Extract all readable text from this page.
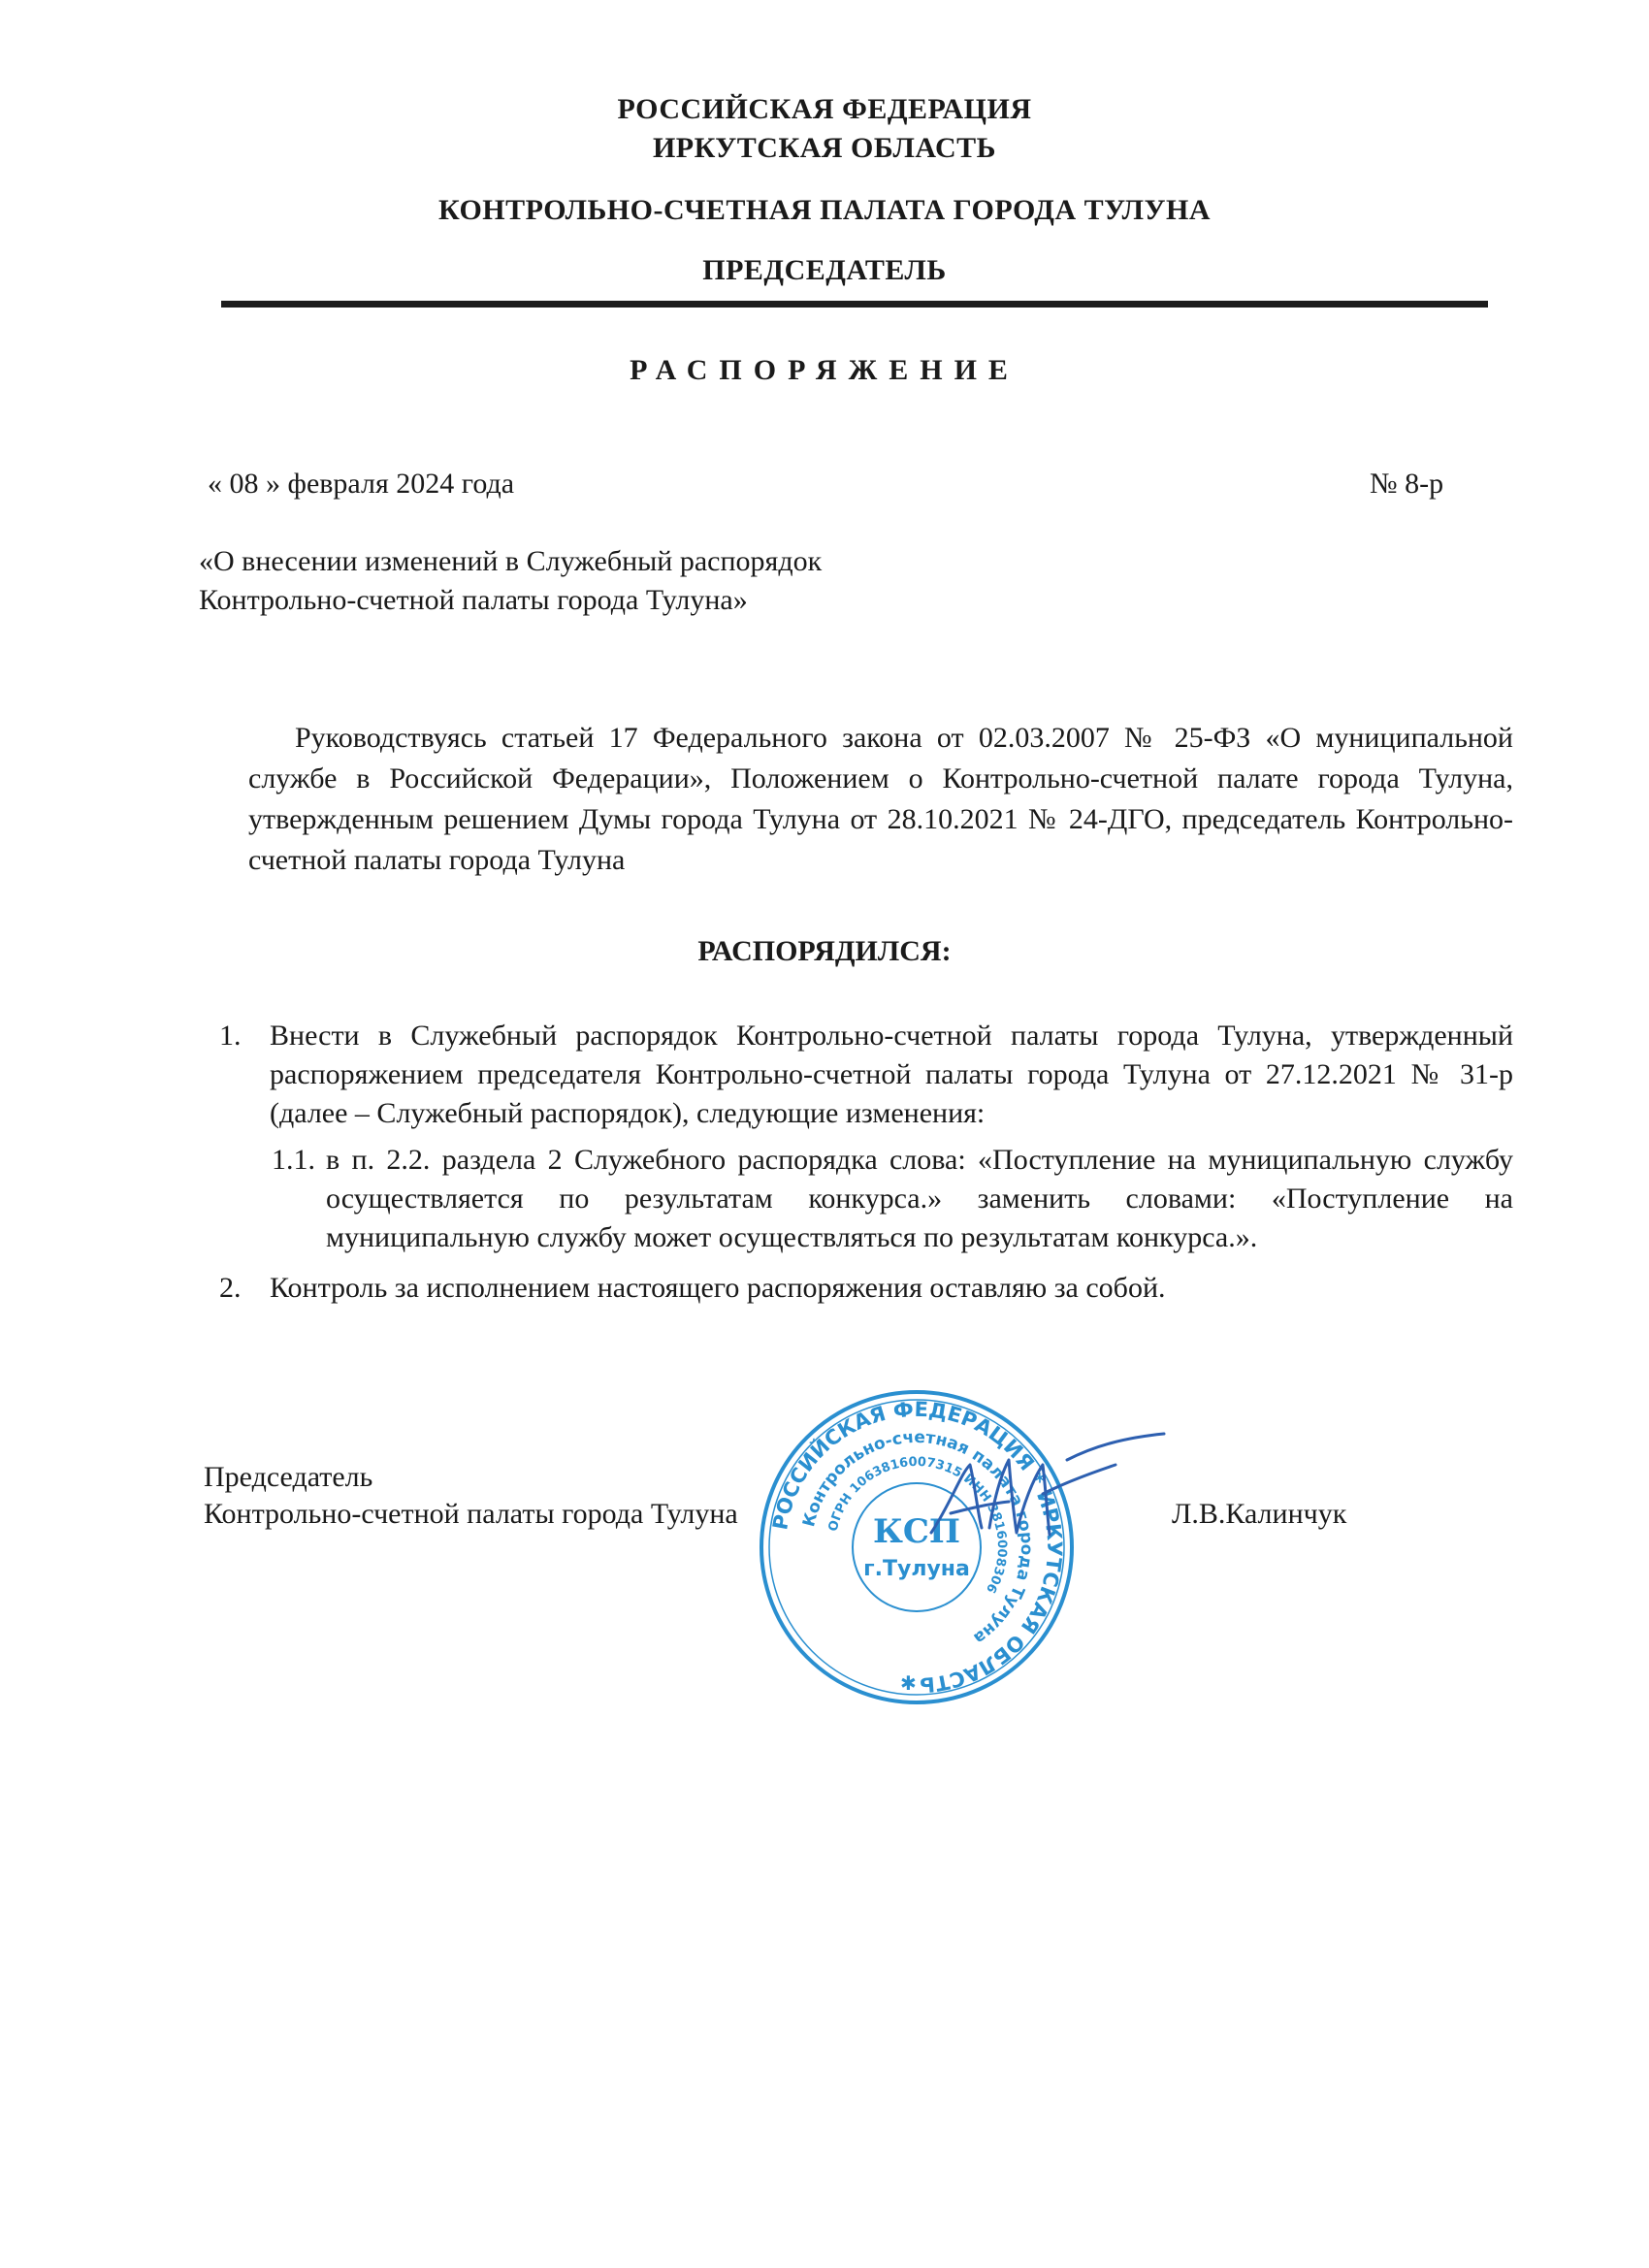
РОССИЙСКАЯ ФЕДЕРАЦИЯ
ИРКУТСКАЯ ОБЛАСТЬ
КОНТРОЛЬНО-СЧЕТНАЯ ПАЛАТА ГОРОДА ТУЛУНА
ПРЕДСЕДАТЕЛЬ
РАСПОРЯЖЕНИЕ
« 08 » февраля 2024 года	№ 8-р
«О внесении изменений в Служебный распорядок
Контрольно-счетной палаты города Тулуна»
Руководствуясь статьей 17 Федерального закона от 02.03.2007 № 25-ФЗ «О муниципальной службе в Российской Федерации», Положением о Контрольно-счетной палате города Тулуна, утвержденным решением Думы города Тулуна от 28.10.2021 № 24-ДГО, председатель Контрольно-счетной палаты города Тулуна
РАСПОРЯДИЛСЯ:
1. Внести в Служебный распорядок Контрольно-счетной палаты города Тулуна, утвержденный распоряжением председателя Контрольно-счетной палаты города Тулуна от 27.12.2021 № 31-р (далее – Служебный распорядок), следующие изменения:
1.1. в п. 2.2. раздела 2 Служебного распорядка слова: «Поступление на муниципальную службу осуществляется по результатам конкурса.» заменить словами: «Поступление на муниципальную службу может осуществляться по результатам конкурса.».
2. Контроль за исполнением настоящего распоряжения оставляю за собой.
Председатель
Контрольно-счетной палаты города Тулуна	Л.В.Калинчук
РОССИЙСКАЯ ФЕДЕРАЦИЯ * ИРКУТСКАЯ ОБЛАСТЬ
Контрольно-счетная палата города Тулуна
ОГРН 1063816007315 ИНН 3816008306
КСП
г.Тулуна
✱
